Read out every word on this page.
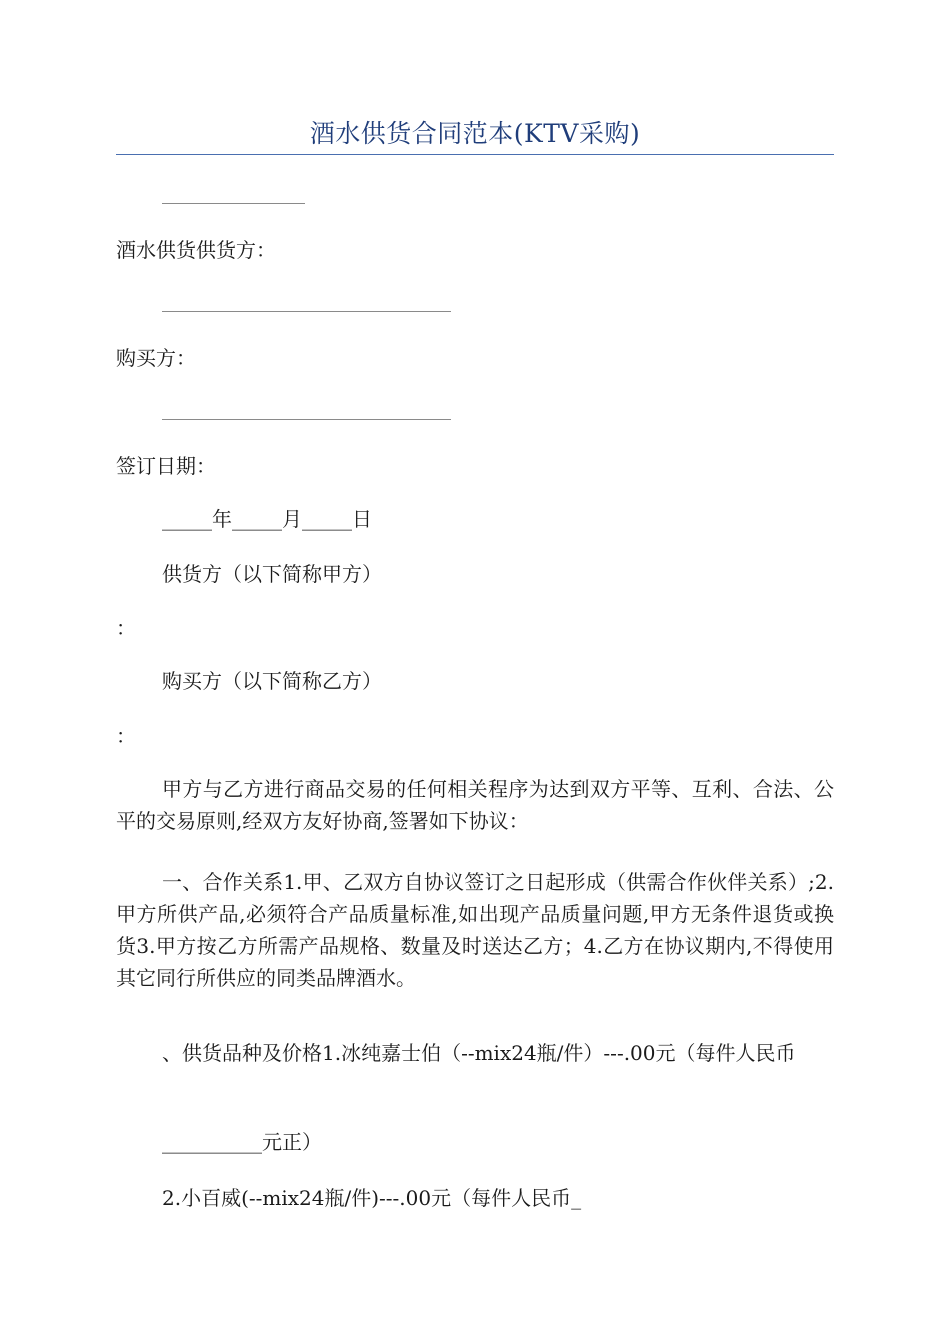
酒水供货合同范本(KTV采购)
酒水供货供货方：
购买方：
签订日期：
_____年_____月_____日
供货方（以下简称甲方）
：
购买方（以下简称乙方）
：
甲方与乙方进行商品交易的任何相关程序为达到双方平等、互利、合法、公平的交易原则,经双方友好协商,签署如下协议：
一、合作关系1.甲、乙双方自协议签订之日起形成（供需合作伙伴关系）;2.甲方所供产品,必须符合产品质量标准,如出现产品质量问题,甲方无条件退货或换货3.甲方按乙方所需产品规格、数量及时送达乙方；4.乙方在协议期内,不得使用其它同行所供应的同类品牌酒水。
、供货品种及价格1.冰纯嘉士伯（--mix24瓶/件）---.00元（每件人民币
__________元正）
2.小百威(--mix24瓶/件)---.00元（每件人民币_
